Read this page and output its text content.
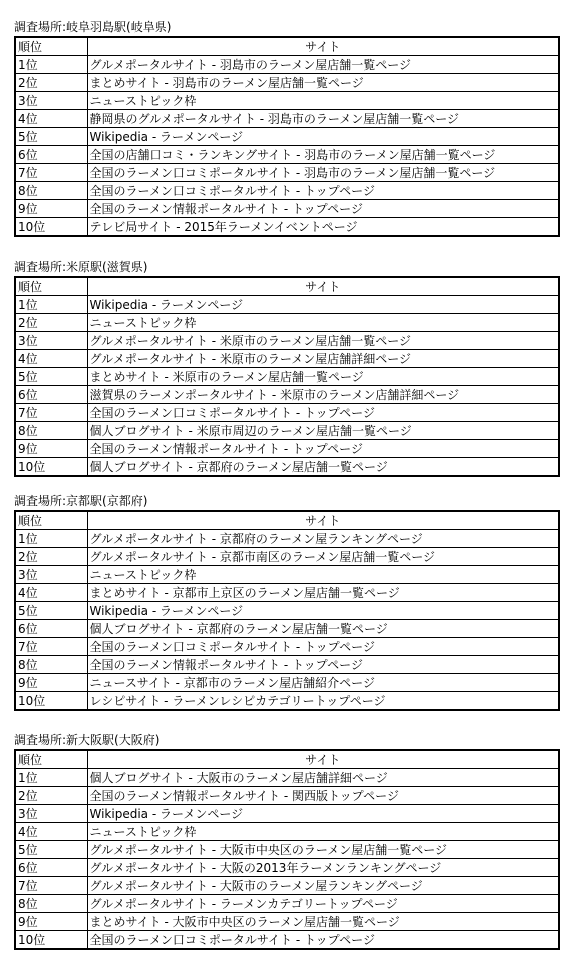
調査場所:岐阜羽島駅(岐阜県)
順位	サイト
1位	グルメポータルサイト - 羽島市のラーメン屋店舗一覧ページ
2位	まとめサイト - 羽島市のラーメン屋店舗一覧ページ
3位	ニューストピック枠
4位	静岡県のグルメポータルサイト - 羽島市のラーメン屋店舗一覧ページ
5位	Wikipedia - ラーメンページ
6位	全国の店舗口コミ・ランキングサイト - 羽島市のラーメン屋店舗一覧ページ
7位	全国のラーメン口コミポータルサイト - 羽島市のラーメン屋店舗一覧ページ
8位	全国のラーメン口コミポータルサイト - トップページ
9位	全国のラーメン情報ポータルサイト - トップページ
10位	テレビ局サイト - 2015年ラーメンイベントページ
調査場所:米原駅(滋賀県)
順位	サイト
1位	Wikipedia - ラーメンページ
2位	ニューストピック枠
3位	グルメポータルサイト - 米原市のラーメン屋店舗一覧ページ
4位	グルメポータルサイト - 米原市のラーメン屋店舗詳細ページ
5位	まとめサイト - 米原市のラーメン屋店舗一覧ページ
6位	滋賀県のラーメンポータルサイト - 米原市のラーメン店舗詳細ページ
7位	全国のラーメン口コミポータルサイト - トップページ
8位	個人ブログサイト - 米原市周辺のラーメン屋店舗一覧ページ
9位	全国のラーメン情報ポータルサイト - トップページ
10位	個人ブログサイト - 京都府のラーメン屋店舗一覧ページ
調査場所:京都駅(京都府)
順位	サイト
1位	グルメポータルサイト - 京都府のラーメン屋ランキングページ
2位	グルメポータルサイト - 京都市南区のラーメン屋店舗一覧ページ
3位	ニューストピック枠
4位	まとめサイト - 京都市上京区のラーメン屋店舗一覧ページ
5位	Wikipedia - ラーメンページ
6位	個人ブログサイト - 京都府のラーメン屋店舗一覧ページ
7位	全国のラーメン口コミポータルサイト - トップページ
8位	全国のラーメン情報ポータルサイト - トップページ
9位	ニュースサイト - 京都市のラーメン屋店舗紹介ページ
10位	レシピサイト - ラーメンレシピカテゴリートップページ
調査場所:新大阪駅(大阪府)
順位	サイト
1位	個人ブログサイト - 大阪市のラーメン屋店舗詳細ページ
2位	全国のラーメン情報ポータルサイト - 関西版トップページ
3位	Wikipedia - ラーメンページ
4位	ニューストピック枠
5位	グルメポータルサイト - 大阪市中央区のラーメン屋店舗一覧ページ
6位	グルメポータルサイト - 大阪の2013年ラーメンランキングページ
7位	グルメポータルサイト - 大阪市のラーメン屋ランキングページ
8位	グルメポータルサイト - ラーメンカテゴリートップページ
9位	まとめサイト - 大阪市中央区のラーメン屋店舗一覧ページ
10位	全国のラーメン口コミポータルサイト - トップページ
